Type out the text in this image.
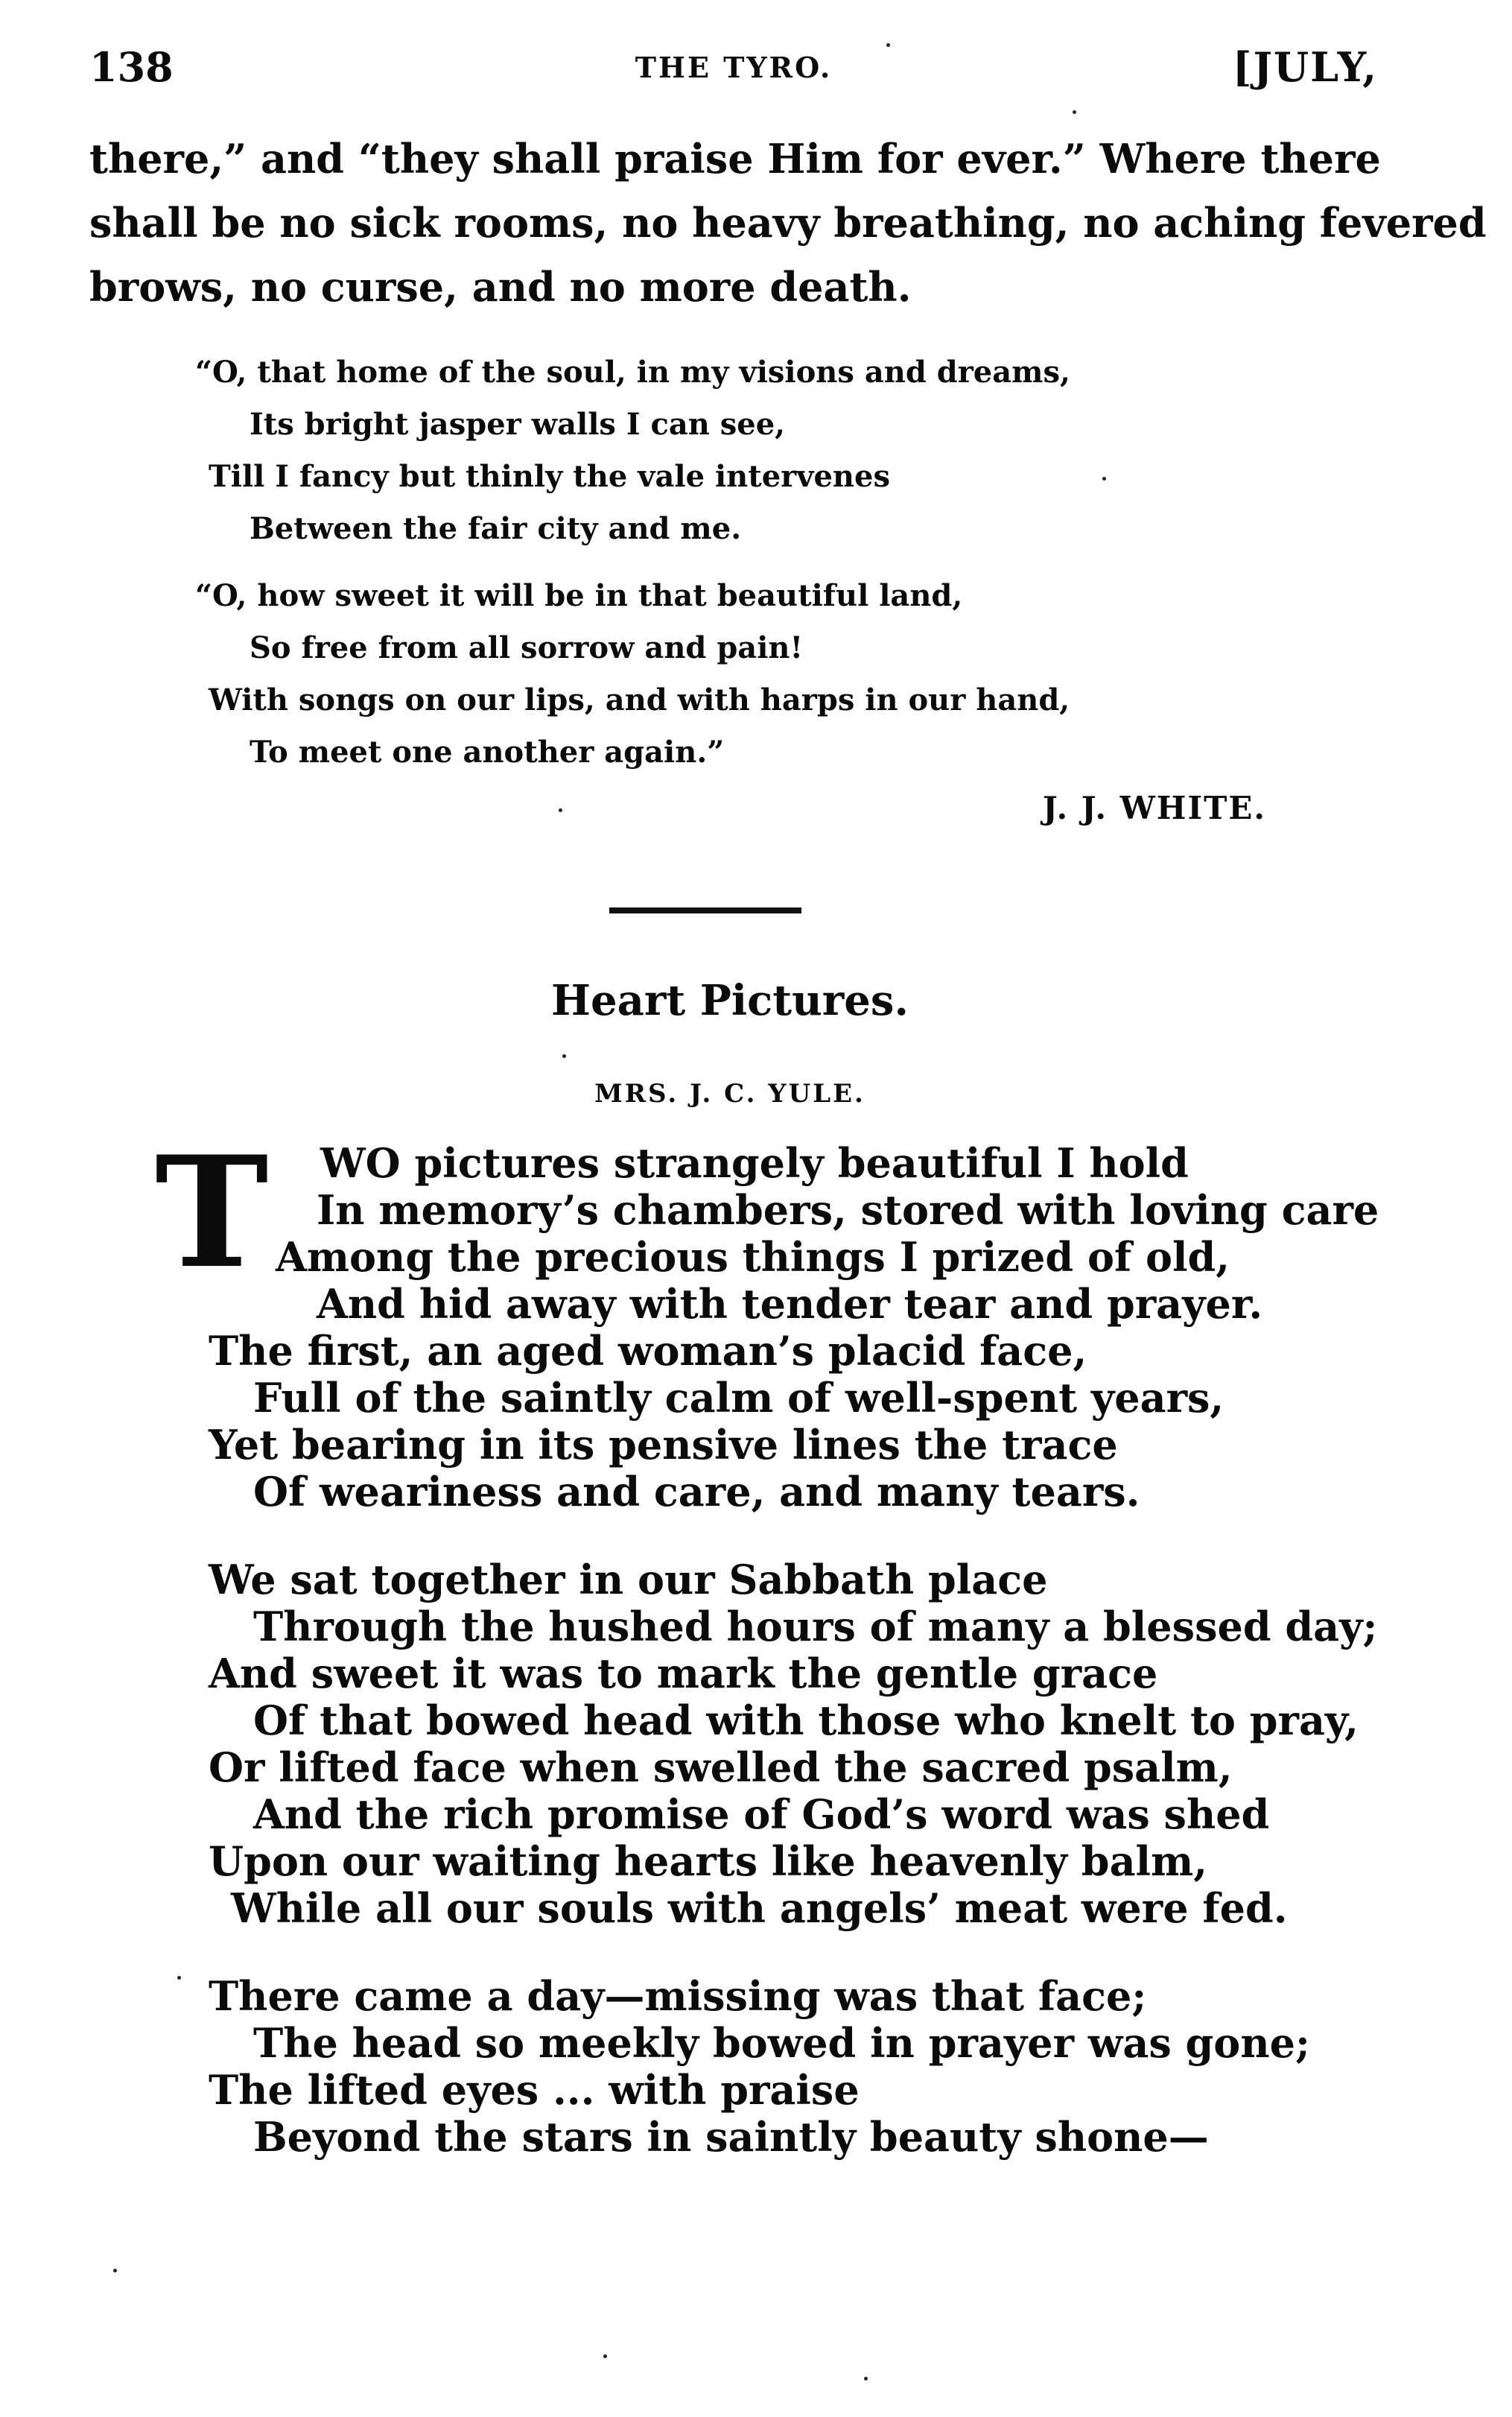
138	THE TYRO.	[JULY,
there,” and “they shall praise Him for ever.” Where there
shall be no sick rooms, no heavy breathing, no aching fevered
brows, no curse, and no more death.
“O, that home of the soul, in my visions and dreams,
Its bright jasper walls I can see,
Till I fancy but thinly the vale intervenes
Between the fair city and me.
“O, how sweet it will be in that beautiful land,
So free from all sorrow and pain!
With songs on our lips, and with harps in our hand,
To meet one another again.”
J. J. WHITE.
Heart Pictures.
MRS. J. C. YULE.
T	WO pictures strangely beautiful I hold
In memory’s chambers, stored with loving care
Among the precious things I prized of old,
And hid away with tender tear and prayer.
The first, an aged woman’s placid face,
Full of the saintly calm of well-spent years,
Yet bearing in its pensive lines the trace
Of weariness and care, and many tears.
We sat together in our Sabbath place
Through the hushed hours of many a blessed day;
And sweet it was to mark the gentle grace
Of that bowed head with those who knelt to pray,
Or lifted face when swelled the sacred psalm,
And the rich promise of God’s word was shed
Upon our waiting hearts like heavenly balm,
While all our souls with angels’ meat were fed.
There came a day—missing was that face;
The head so meekly bowed in prayer was gone;
The lifted eyes ... with praise
Beyond the stars in saintly beauty shone—
